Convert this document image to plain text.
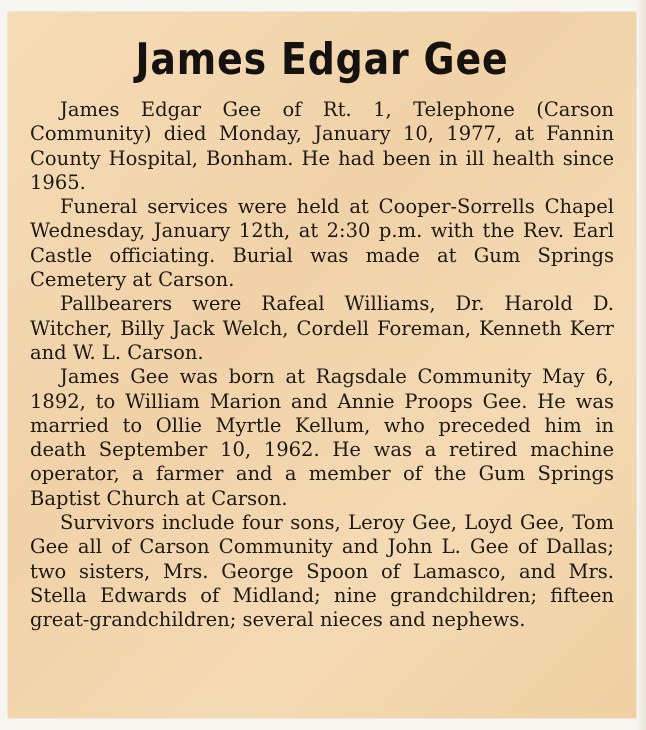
James Edgar Gee

James Edgar Gee of Rt. 1, Telephone (Carson Community) died Monday, January 10, 1977, at Fannin County Hospital, Bonham. He had been in ill health since 1965.

Funeral services were held at Cooper-Sorrells Chapel Wednesday, January 12th, at 2:30 p.m. with the Rev. Earl Castle officiating. Burial was made at Gum Springs Cemetery at Carson.

Pallbearers were Rafeal Williams, Dr. Harold D. Witcher, Billy Jack Welch, Cordell Foreman, Kenneth Kerr and W. L. Carson.

James Gee was born at Ragsdale Community May 6, 1892, to William Marion and Annie Proops Gee. He was married to Ollie Myrtle Kellum, who preceded him in death September 10, 1962. He was a retired machine operator, a farmer and a member of the Gum Springs Baptist Church at Carson.

Survivors include four sons, Leroy Gee, Loyd Gee, Tom Gee all of Carson Community and John L. Gee of Dallas; two sisters, Mrs. George Spoon of Lamasco, and Mrs. Stella Edwards of Midland; nine grandchildren; fifteen great-grandchildren; several nieces and nephews.
